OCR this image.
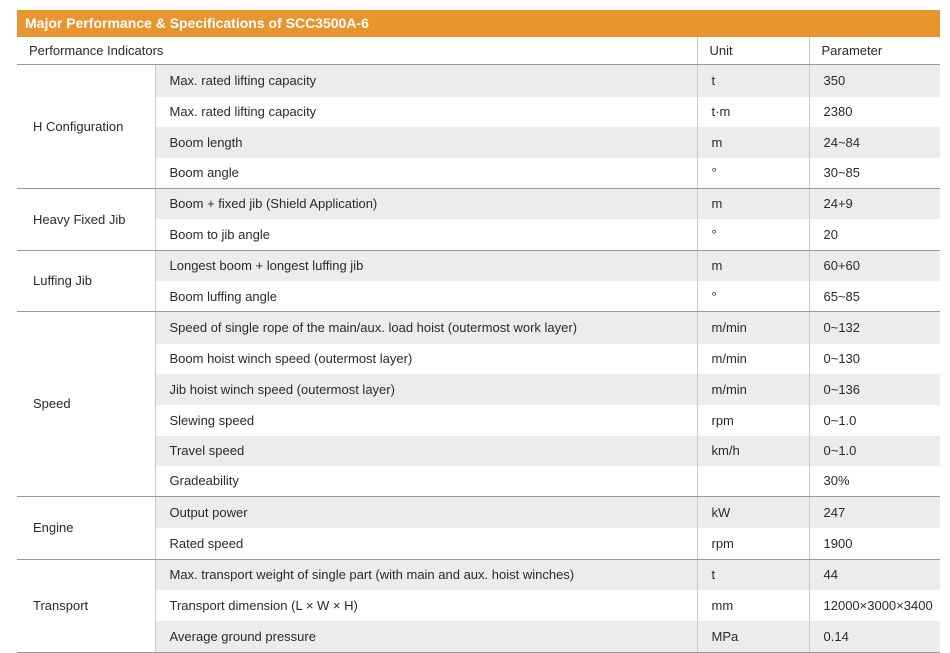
Major Performance & Specifications of SCC3500A-6
Performance Indicators		Unit	Parameter
H Configuration	Max. rated lifting capacity	t	350
	Max. rated lifting capacity	t·m	2380
	Boom length	m	24~84
	Boom angle	°	30~85
Heavy Fixed Jib	Boom + fixed jib (Shield Application)	m	24+9
	Boom to jib angle	°	20
Luffing Jib	Longest boom + longest luffing jib	m	60+60
	Boom luffing angle	°	65~85
Speed	Speed of single rope of the main/aux. load hoist (outermost work layer)	m/min	0~132
	Boom hoist winch speed (outermost layer)	m/min	0~130
	Jib hoist winch speed (outermost layer)	m/min	0~136
	Slewing speed	rpm	0~1.0
	Travel speed	km/h	0~1.0
	Gradeability		30%
Engine	Output power	kW	247
	Rated speed	rpm	1900
Transport	Max. transport weight of single part (with main and aux. hoist winches)	t	44
	Transport dimension (L × W × H)	mm	12000×3000×3400
	Average ground pressure	MPa	0.14
